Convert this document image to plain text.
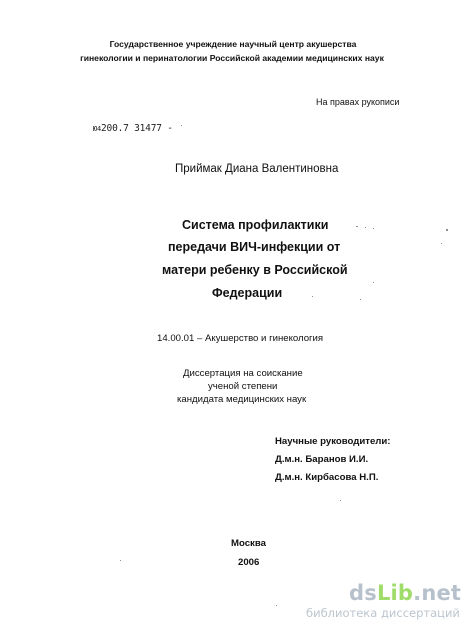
Государственное учреждение научный центр акушерства
гинекологии и перинатологии Российской академии медицинских наук
На правах рукописи
Ю4200.7 31477 -
Приймак Диана Валентиновна
Система профилактики
передачи ВИЧ-инфекции от
матери ребенку в Российской
Федерации
14.00.01 – Акушерство и гинекология
Диссертация на соискание
ученой степени
кандидата медицинских наук
Научные руководители:
Д.м.н. Баранов И.И.
Д.м.н. Кирбасова Н.П.
Москва
2006
dsLib.net
библиотека диссертаций
